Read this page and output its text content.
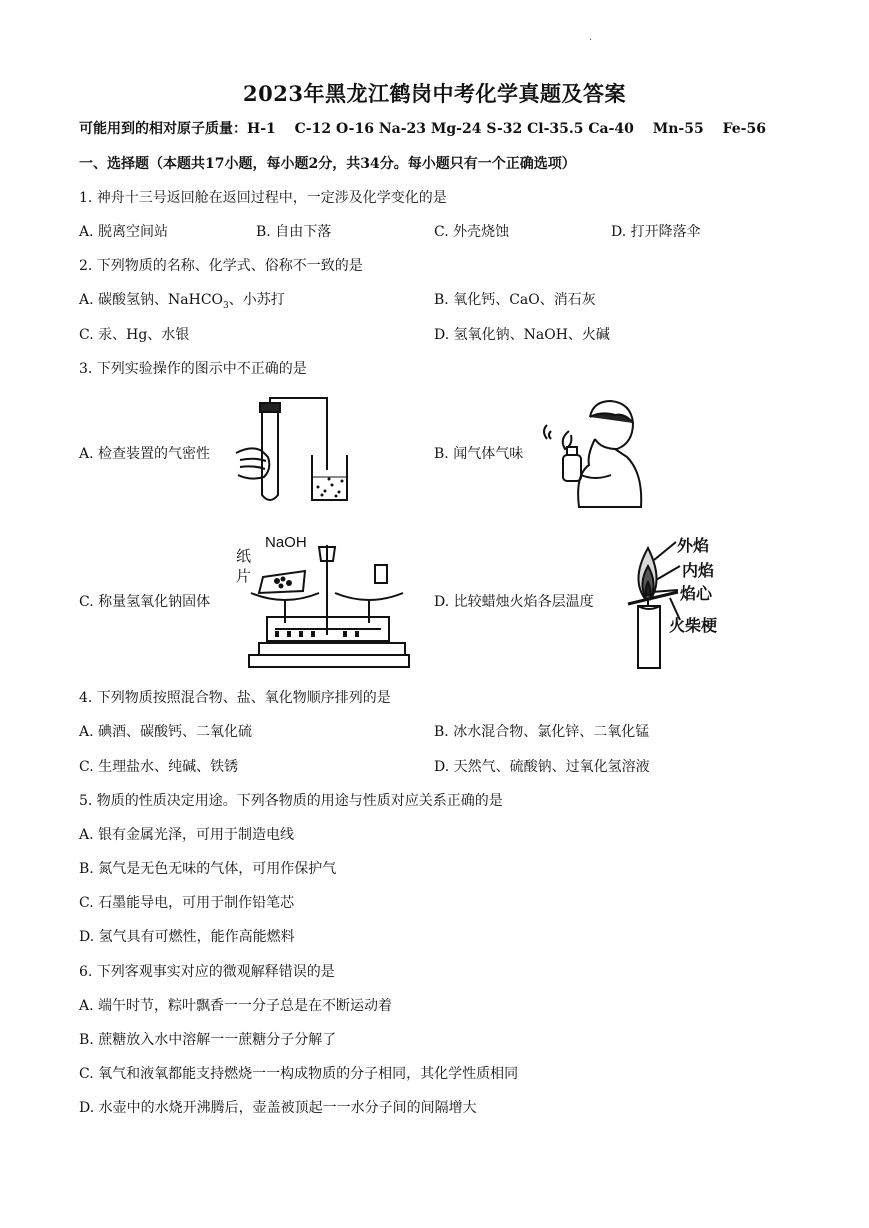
.
2023年黑龙江鹤岗中考化学真题及答案
可能用到的相对原子质量：H-1　 C-12 O-16 Na-23 Mg-24 S-32 Cl-35.5 Ca-40　 Mn-55　 Fe-56
一、选择题（本题共17小题，每小题2分，共34分。每小题只有一个正确选项）
1. 神舟十三号返回舱在返回过程中，一定涉及化学变化的是
A. 脱离空间站	B. 自由下落	C. 外壳烧蚀	D. 打开降落伞
2. 下列物质的名称、化学式、俗称不一致的是
A. 碳酸氢钠、NaHCO$_3$、小苏打	B. 氧化钙、CaO、消石灰
C. 汞、Hg、水银	D. 氢氧化钠、NaOH、火碱
3. 下列实验操作的图示中不正确的是
A. 检查装置的气密性	B. 闻气体气味
C. 称量氢氧化钠固体	D. 比较蜡烛火焰各层温度
NaOH
纸
片
外焰
内焰
焰心
火柴梗
4. 下列物质按照混合物、盐、氧化物顺序排列的是
A. 碘酒、碳酸钙、二氧化硫	B. 冰水混合物、氯化锌、二氧化锰
C. 生理盐水、纯碱、铁锈	D. 天然气、硫酸钠、过氧化氢溶液
5. 物质的性质决定用途。下列各物质的用途与性质对应关系正确的是
A. 银有金属光泽，可用于制造电线
B. 氮气是无色无味的气体，可用作保护气
C. 石墨能导电，可用于制作铅笔芯
D. 氢气具有可燃性，能作高能燃料
6. 下列客观事实对应的微观解释错误的是
A. 端午时节，粽叶飘香一一分子总是在不断运动着
B. 蔗糖放入水中溶解一一蔗糖分子分解了
C. 氧气和液氧都能支持燃烧一一构成物质的分子相同，其化学性质相同
D. 水壶中的水烧开沸腾后，壶盖被顶起一一水分子间的间隔增大
